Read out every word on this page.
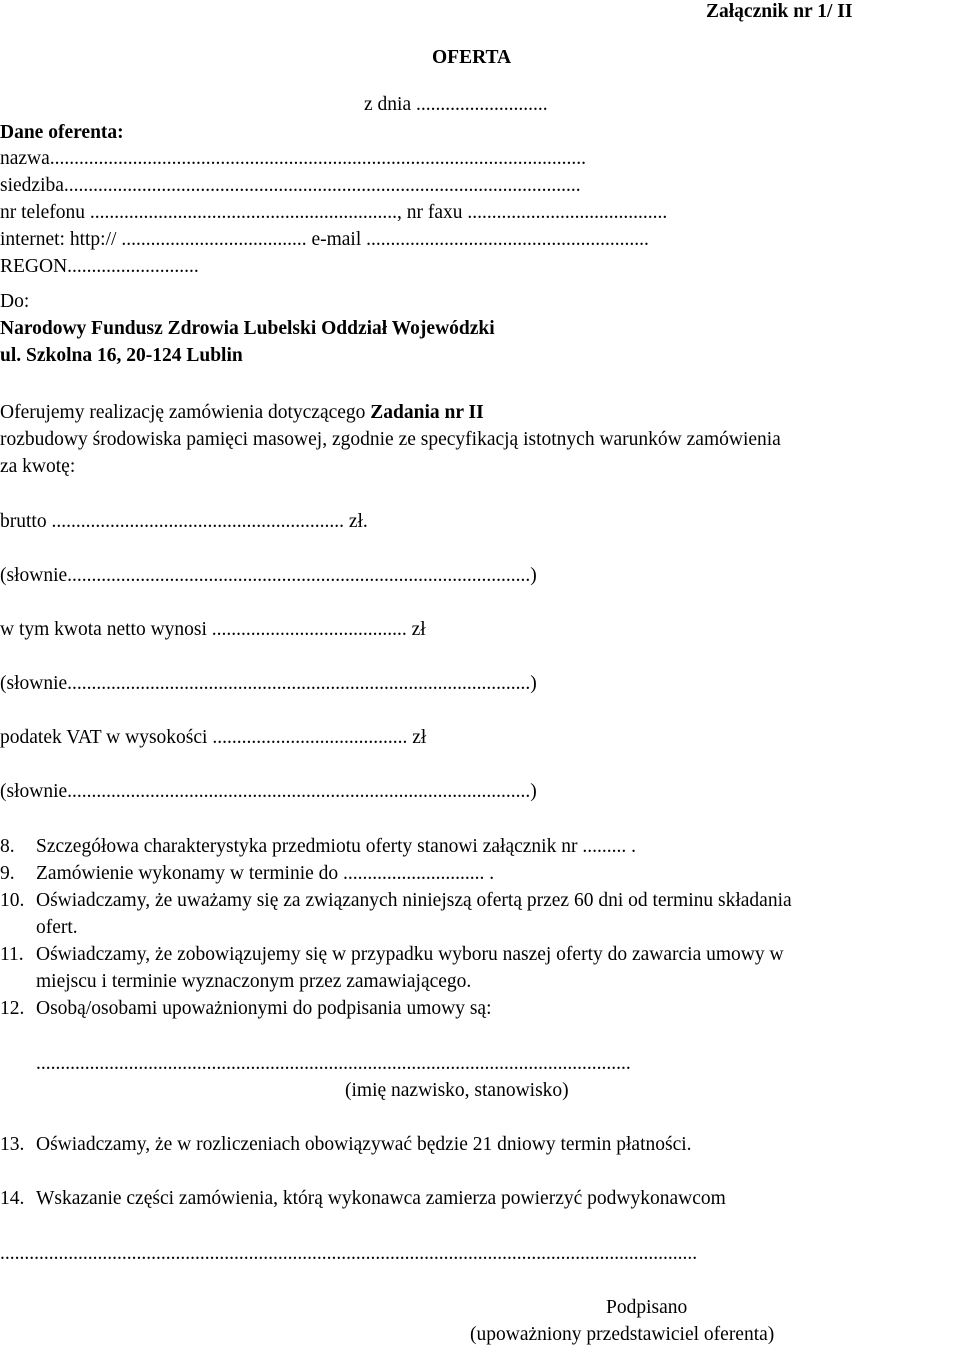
Załącznik nr 1/ II
OFERTA
z dnia ...........................
Dane oferenta:
nazwa..............................................................................................................
siedziba..........................................................................................................
nr telefonu ..............................................................., nr faxu .........................................
internet: http:// ...................................... e-mail ..........................................................
REGON...........................
Do:
Narodowy Fundusz Zdrowia Lubelski Oddział Wojewódzki
ul. Szkolna 16, 20-124 Lublin
Oferujemy realizację zamówienia dotyczącego Zadania nr II
rozbudowy środowiska pamięci masowej, zgodnie ze specyfikacją istotnych warunków zamówienia
za kwotę:
brutto ............................................................ zł.
(słownie...............................................................................................)
w tym kwota netto wynosi ........................................ zł
(słownie...............................................................................................)
podatek VAT w wysokości ........................................ zł
(słownie...............................................................................................)
8. Szczegółowa charakterystyka przedmiotu oferty stanowi załącznik nr ......... .
9. Zamówienie wykonamy w terminie do ............................. .
10. Oświadczamy, że uważamy się za związanych niniejszą ofertą przez 60 dni od terminu składania
ofert.
11. Oświadczamy, że zobowiązujemy się w przypadku wyboru naszej oferty do zawarcia umowy w
miejscu i terminie wyznaczonym przez zamawiającego.
12. Osobą/osobami upoważnionymi do podpisania umowy są:
..........................................................................................................................
(imię nazwisko, stanowisko)
13. Oświadczamy, że w rozliczeniach obowiązywać będzie 21 dniowy termin płatności.
14. Wskazanie części zamówienia, którą wykonawca zamierza powierzyć podwykonawcom
...............................................................................................................................................
Podpisano
(upoważniony przedstawiciel oferenta)
